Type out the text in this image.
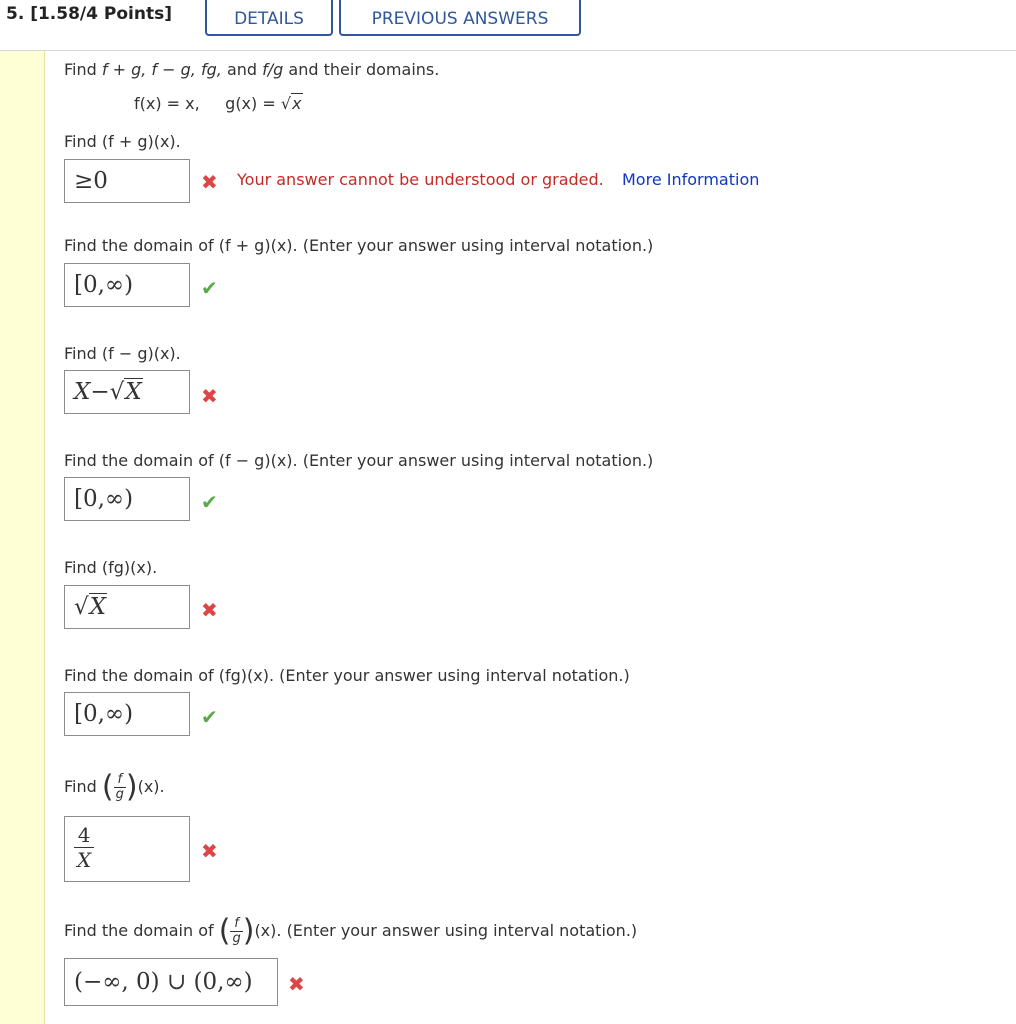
5. [1.58/4 Points]	DETAILS	PREVIOUS ANSWERS
Find f + g, f − g, fg, and f/g and their domains.
f(x) = x, g(x) = √x
Find (f + g)(x).
≥0	✖ Your answer cannot be understood or graded. More Information
Find the domain of (f + g)(x). (Enter your answer using interval notation.)
[0,∞)	✔
Find (f − g)(x).
X−√X	✖
Find the domain of (f − g)(x). (Enter your answer using interval notation.)
[0,∞)	✔
Find (fg)(x).
√X	✖
Find the domain of (fg)(x). (Enter your answer using interval notation.)
[0,∞)	✔
Find ( $\frac{f}{g} )(x)$.
$\frac{4}{X}$	✖
Find the domain of ( $\frac{f}{g} )(x)$. (Enter your answer using interval notation.)
(−∞, 0) ∪ (0,∞)	✖
